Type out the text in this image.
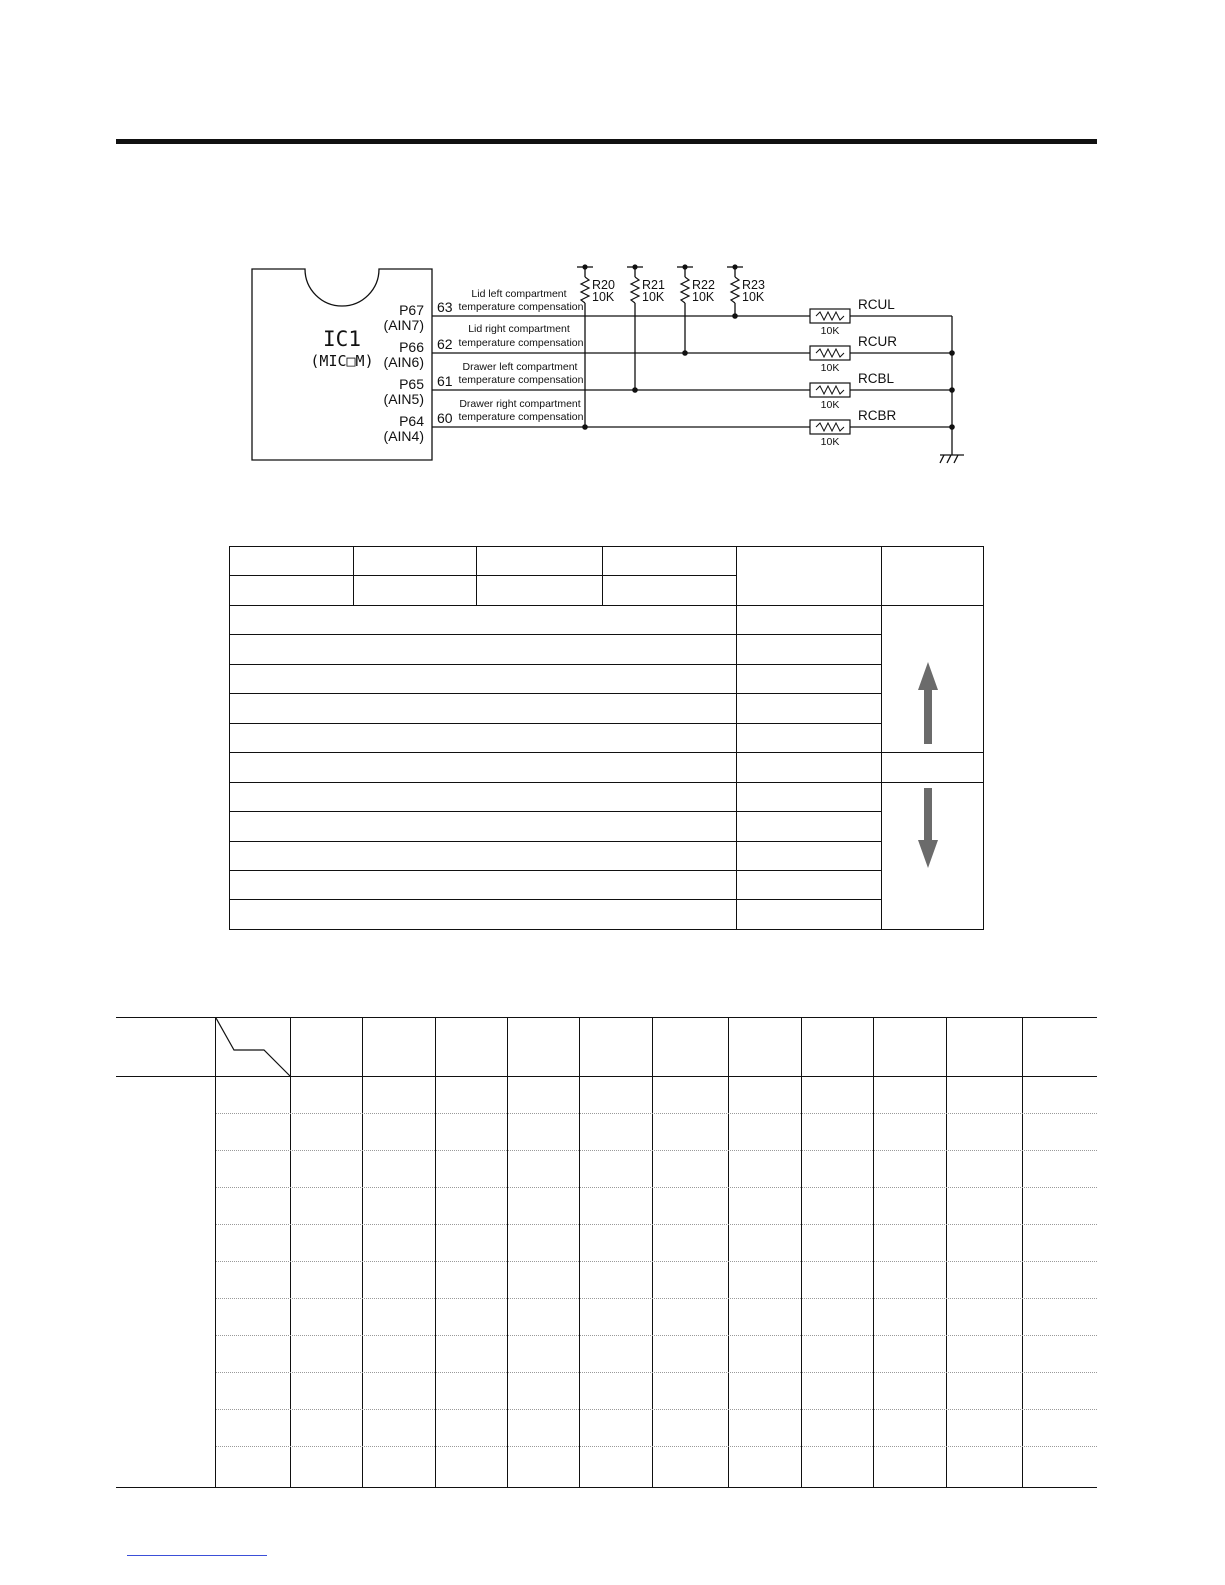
IC1
(MIC□M)
P67
(AIN7)
P66
(AIN6)
P65
(AIN5)
P64
(AIN4)
63
62
61
60
Lid left compartment
temperature compensation
Lid right compartment
temperature compensation
Drawer left compartment
temperature compensation
Drawer right compartment
temperature compensation
R20
10K
R21
10K
R22
10K
R23
10K	RCUL
RCUR
RCBL
RCBR
10K
10K
10K
10K
